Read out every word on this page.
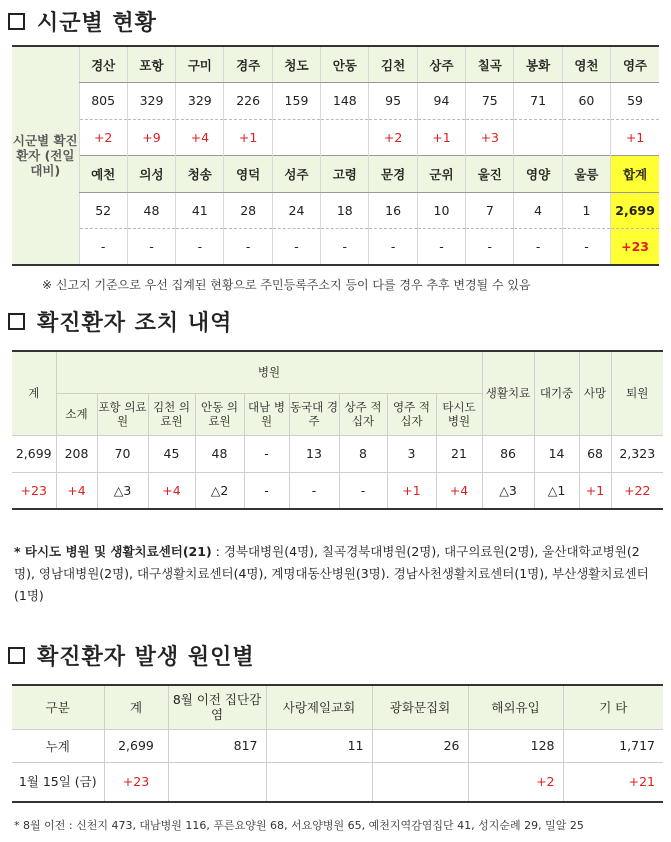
시군별 현황
시군별 확진환자 (전일대비)	경산	포항	구미	경주	청도	안동	김천	상주	칠곡	봉화	영천	영주
	805	329	329	226	159	148	95	94	75	71	60	59
	+2	+9	+4	+1			+2	+1	+3			+1
	예천	의성	청송	영덕	성주	고령	문경	군위	울진	영양	울릉	합계
	52	48	41	28	24	18	16	10	7	4	1	2,699
	-	-	-	-	-	-	-	-	-	-	-	+23
※ 신고지 기준으로 우선 집계된 현황으로 주민등록주소지 등이 다를 경우 추후 변경될 수 있음
확진환자 조치 내역
계	병원									생활치료	대기중	사망	퇴원
	소계	포항 의료원	김천 의료원	안동 의료원	대남 병원	동국대 경주	상주 적십자	영주 적십자	타시도 병원				
2,699	208	70	45	48	-	13	8	3	21	86	14	68	2,323
+23	+4	△3	+4	△2	-	-	-	+1	+4	△3	△1	+1	+22
* 타시도 병원 및 생활치료센터(21) : 경북대병원(4명), 칠곡경북대병원(2명), 대구의료원(2명), 울산대학교병원(2명), 영남대병원(2명), 대구생활치료센터(4명), 계명대동산병원(3명). 경남사천생활치료센터(1명), 부산생활치료센터(1명)
확진환자 발생 원인별
구분	계	8월 이전 집단감염	사랑제일교회	광화문집회	해외유입	기 타
누계	2,699	817	11	26	128	1,717
1월 15일 (금)	+23				+2	+21
* 8월 이전 : 신천지 473, 대남병원 116, 푸른요양원 68, 서요양병원 65, 예천지역감염집단 41, 성지순례 29, 밀알 25
